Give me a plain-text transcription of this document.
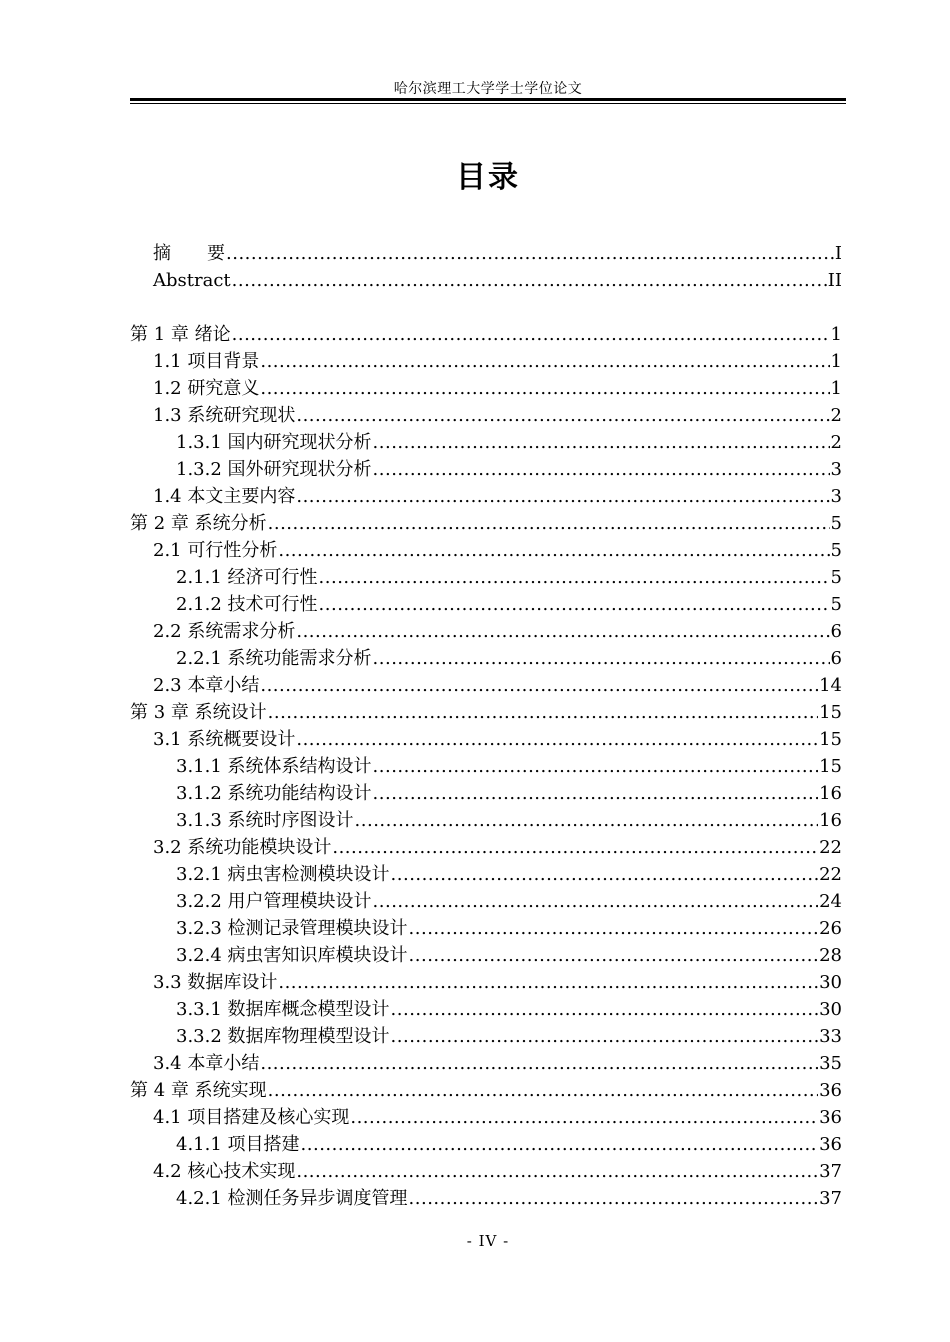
哈尔滨理工大学学士学位论文
目录
摘　　要 .....	I
Abstract .....	II
第 1 章 绪论 .....	1
1.1 项目背景 .....	1
1.2 研究意义 .....	1
1.3 系统研究现状 .....	2
1.3.1 国内研究现状分析 .....	2
1.3.2 国外研究现状分析 .....	3
1.4 本文主要内容 .....	3
第 2 章 系统分析 .....	5
2.1 可行性分析 .....	5
2.1.1 经济可行性 .....	5
2.1.2 技术可行性 .....	5
2.2 系统需求分析 .....	6
2.2.1 系统功能需求分析 .....	6
2.3 本章小结 .....	14
第 3 章 系统设计 .....	15
3.1 系统概要设计 .....	15
3.1.1 系统体系结构设计 .....	15
3.1.2 系统功能结构设计 .....	16
3.1.3 系统时序图设计 .....	16
3.2 系统功能模块设计 .....	22
3.2.1 病虫害检测模块设计 .....	22
3.2.2 用户管理模块设计 .....	24
3.2.3 检测记录管理模块设计 .....	26
3.2.4 病虫害知识库模块设计 .....	28
3.3 数据库设计 .....	30
3.3.1 数据库概念模型设计 .....	30
3.3.2 数据库物理模型设计 .....	33
3.4 本章小结 .....	35
第 4 章 系统实现 .....	36
4.1 项目搭建及核心实现 .....	36
4.1.1 项目搭建 .....	36
4.2 核心技术实现 .....	37
4.2.1 检测任务异步调度管理 .....	37
- IV -
